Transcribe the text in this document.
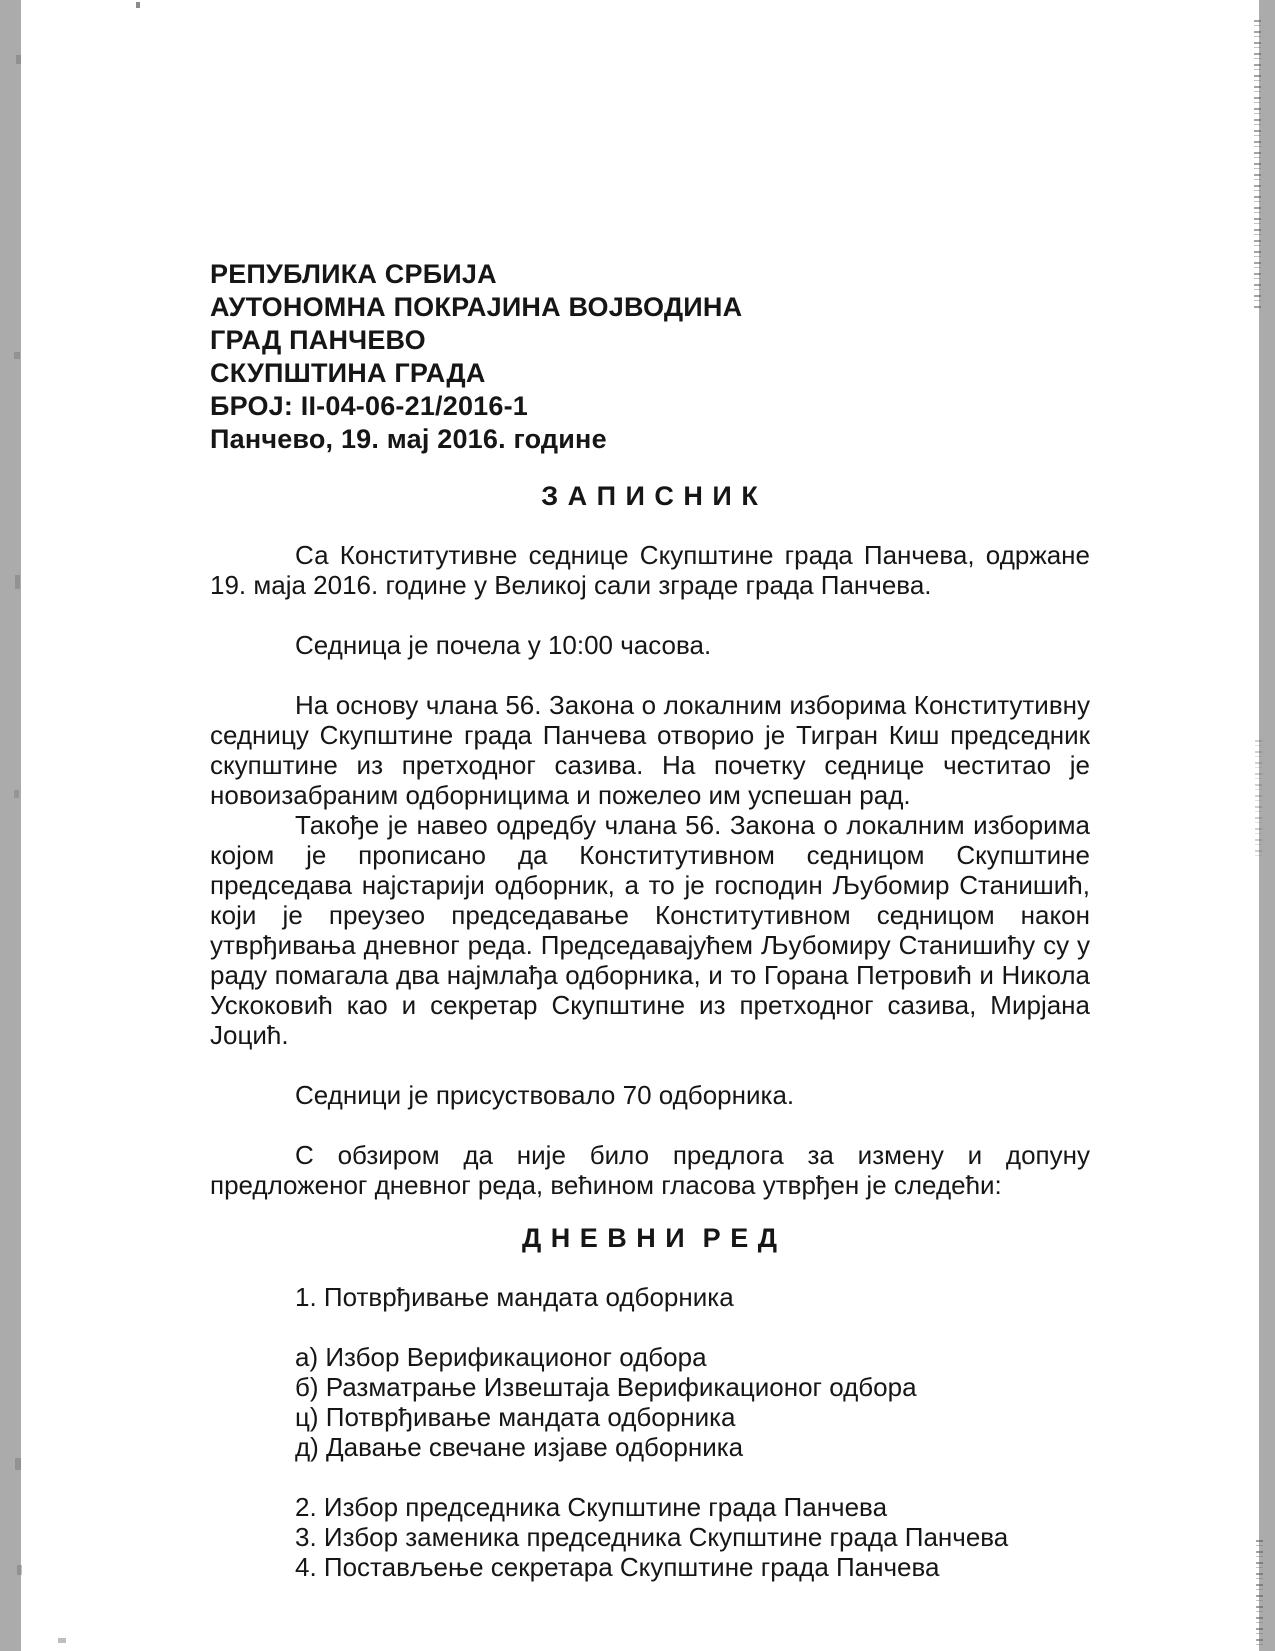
РЕПУБЛИКА СРБИЈА
АУТОНОМНА ПОКРАЈИНА ВОЈВОДИНА
ГРАД ПАНЧЕВО
СКУПШТИНА ГРАДА
БРОЈ: II-04-06-21/2016-1
Панчево, 19. мај 2016. године
З А П И С Н И К

Са Конститутивне седнице Скупштине града Панчева, одржане 19. маја 2016. године у Великој сали зграде града Панчева.

Седница је почела у 10:00 часова.

На основу члана 56. Закона о локалним изборима Конститутивну седницу Скупштине града Панчева отворио је Тигран Киш председник скупштине из претходног сазива. На почетку седнице честитао је новоизабраним одборницима и пожелео им успешан рад.

Такође је навео одредбу члана 56. Закона о локалним изборима којом је прописано да Конститутивном седницом Скупштине председава најстарији одборник, а то је господин Љубомир Станишић, који је преузео председавање Конститутивном седницом након утврђивања дневног реда. Председавајућем Љубомиру Станишићу су у раду помагала два најмлађа одборника, и то Горана Петровић и Никола Ускоковић као и секретар Скупштине из претходног сазива, Мирјана Јоцић.

Седници је присуствовало 70 одборника.

С обзиром да није било предлога за измену и допуну предложеног дневног реда, већином гласова утврђен је следећи:

Д Н Е В Н И  Р Е Д
1. Потврђивање мандата одборника
а) Избор Верификационог одбора
б) Разматрање Извештаја Верификационог одбора
ц) Потврђивање мандата одборника
д) Давање свечане изјаве одборника
2. Избор председника Скупштине града Панчева
3. Избор заменика председника Скупштине града Панчева
4. Постављење секретара Скупштине града Панчева
